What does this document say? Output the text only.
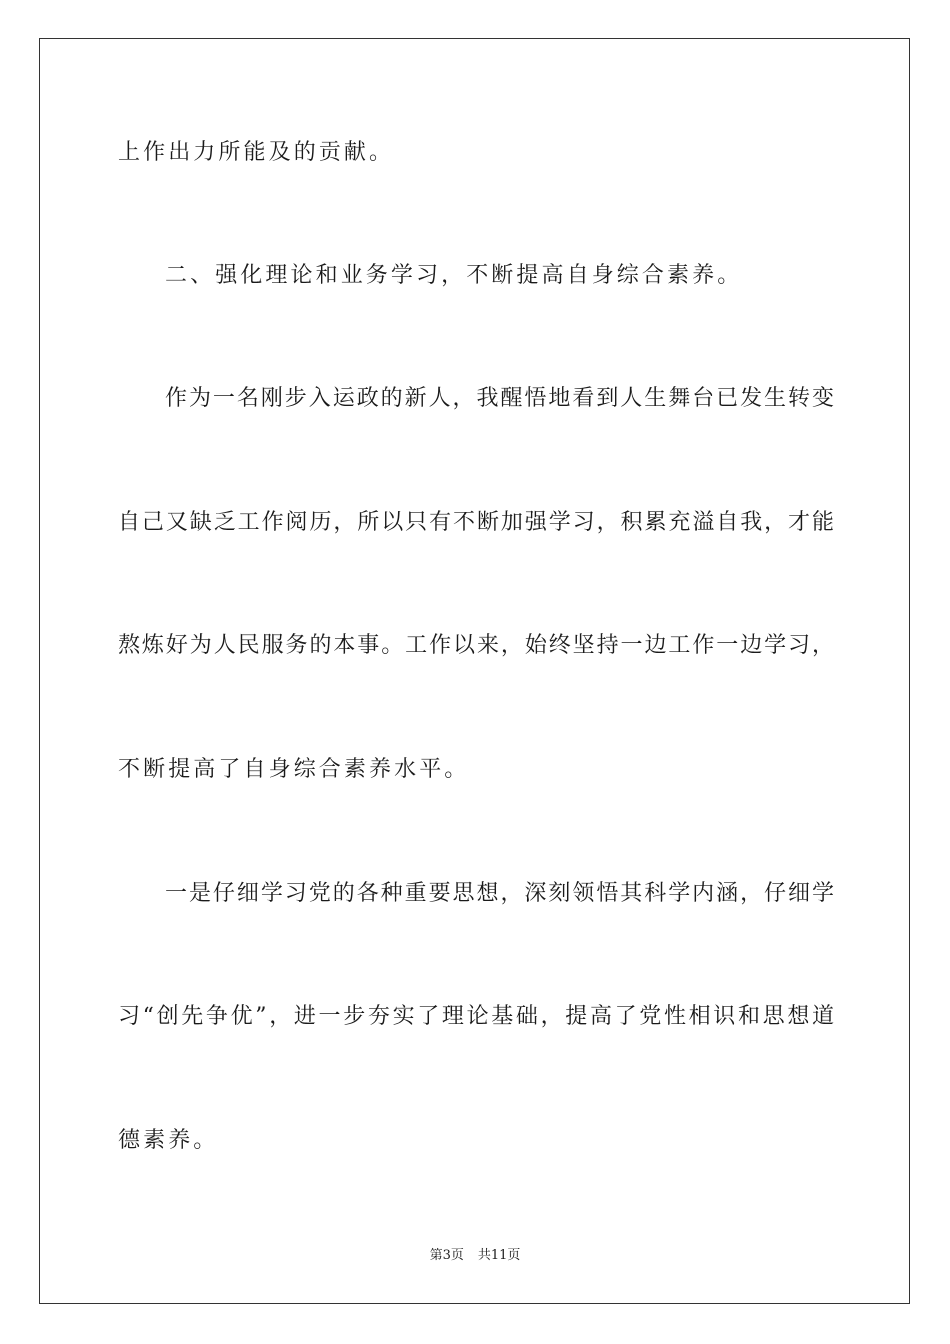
上作出力所能及的贡献。
二、强化理论和业务学习，不断提高自身综合素养。
作为一名刚步入运政的新人，我醒悟地看到人生舞台已发生转变
自己又缺乏工作阅历，所以只有不断加强学习，积累充溢自我，才能
熬炼好为人民服务的本事。工作以来，始终坚持一边工作一边学习，
不断提高了自身综合素养水平。
一是仔细学习党的各种重要思想，深刻领悟其科学内涵，仔细学
习“创先争优”，进一步夯实了理论基础，提高了党性相识和思想道
德素养。
第3页 共11页
